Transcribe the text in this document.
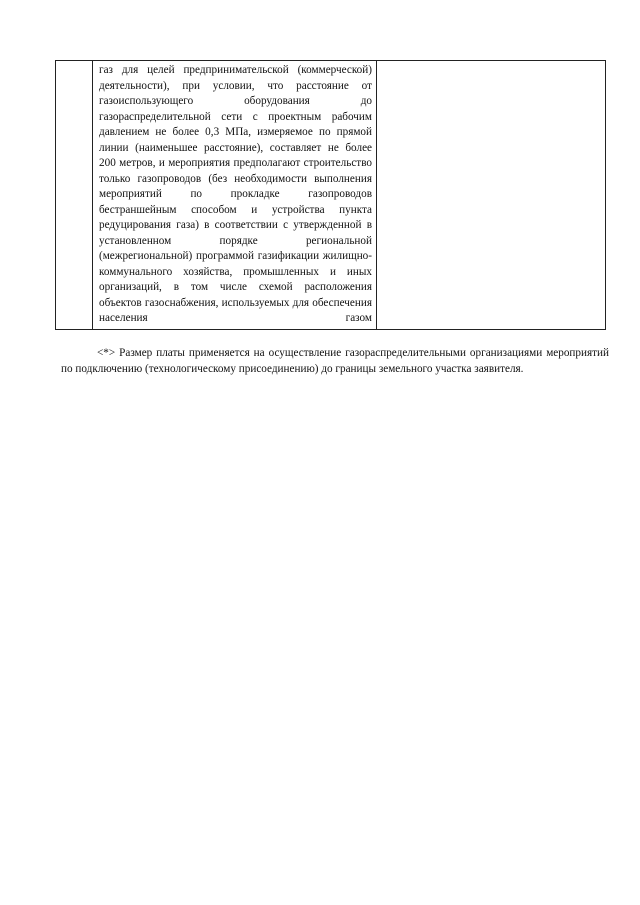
газ для целей предпринимательской (коммерческой) деятельности), при условии, что расстояние от газоиспользующего оборудования до газораспределительной сети с проектным рабочим давлением не более 0,3 МПа, измеряемое по прямой линии (наименьшее расстояние), составляет не более 200 метров, и мероприятия предполагают строительство только газопроводов (без необходимости выполнения мероприятий по прокладке газопроводов бестраншейным способом и устройства пункта редуцирования газа) в соответствии с утвержденной в установленном порядке региональной (межрегиональной) программой газификации жилищно-коммунального хозяйства, промышленных и иных организаций, в том числе схемой расположения объектов газоснабжения, используемых для обеспечения населения газом

<*> Размер платы применяется на осуществление газораспределительными организациями мероприятий по подключению (технологическому присоединению) до границы земельного участка заявителя.
